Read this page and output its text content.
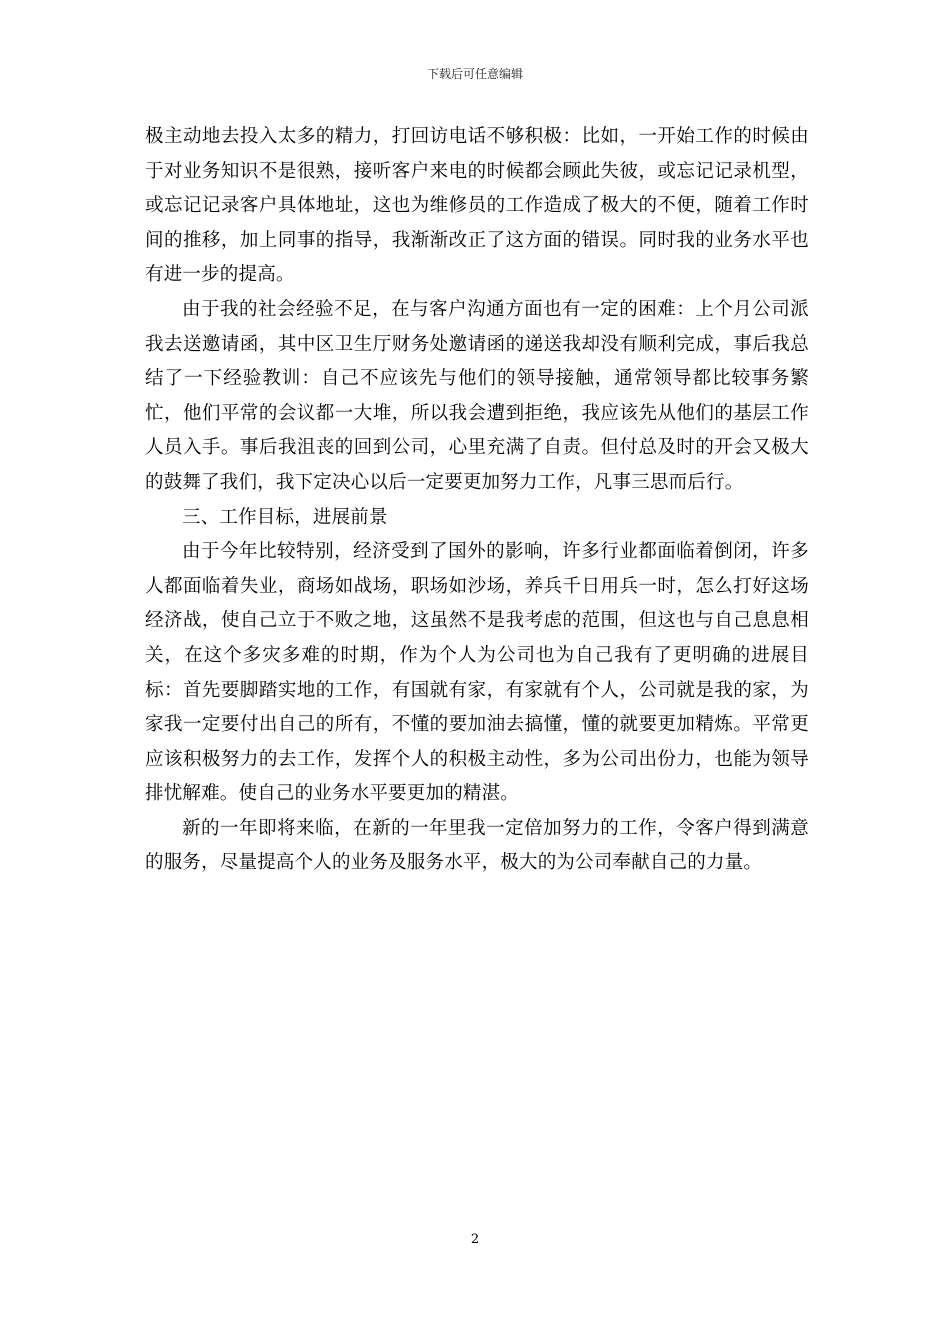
下载后可任意编辑

极主动地去投入太多的精力，打回访电话不够积极：比如，一开始工作的时候由于对业务知识不是很熟，接听客户来电的时候都会顾此失彼，或忘记记录机型，或忘记记录客户具体地址，这也为维修员的工作造成了极大的不便，随着工作时间的推移，加上同事的指导，我渐渐改正了这方面的错误。同时我的业务水平也有进一步的提高。

由于我的社会经验不足，在与客户沟通方面也有一定的困难：上个月公司派我去送邀请函，其中区卫生厅财务处邀请函的递送我却没有顺利完成，事后我总结了一下经验教训：自己不应该先与他们的领导接触，通常领导都比较事务繁忙，他们平常的会议都一大堆，所以我会遭到拒绝，我应该先从他们的基层工作人员入手。事后我沮丧的回到公司，心里充满了自责。但付总及时的开会又极大的鼓舞了我们，我下定决心以后一定要更加努力工作，凡事三思而后行。

三、工作目标，进展前景

由于今年比较特别，经济受到了国外的影响，许多行业都面临着倒闭，许多人都面临着失业，商场如战场，职场如沙场，养兵千日用兵一时，怎么打好这场经济战，使自己立于不败之地，这虽然不是我考虑的范围，但这也与自己息息相关，在这个多灾多难的时期，作为个人为公司也为自己我有了更明确的进展目标：首先要脚踏实地的工作，有国就有家，有家就有个人，公司就是我的家，为家我一定要付出自己的所有，不懂的要加油去搞懂，懂的就要更加精炼。平常更应该积极努力的去工作，发挥个人的积极主动性，多为公司出份力，也能为领导排忧解难。使自己的业务水平要更加的精湛。

新的一年即将来临，在新的一年里我一定倍加努力的工作，令客户得到满意的服务，尽量提高个人的业务及服务水平，极大的为公司奉献自己的力量。

2
